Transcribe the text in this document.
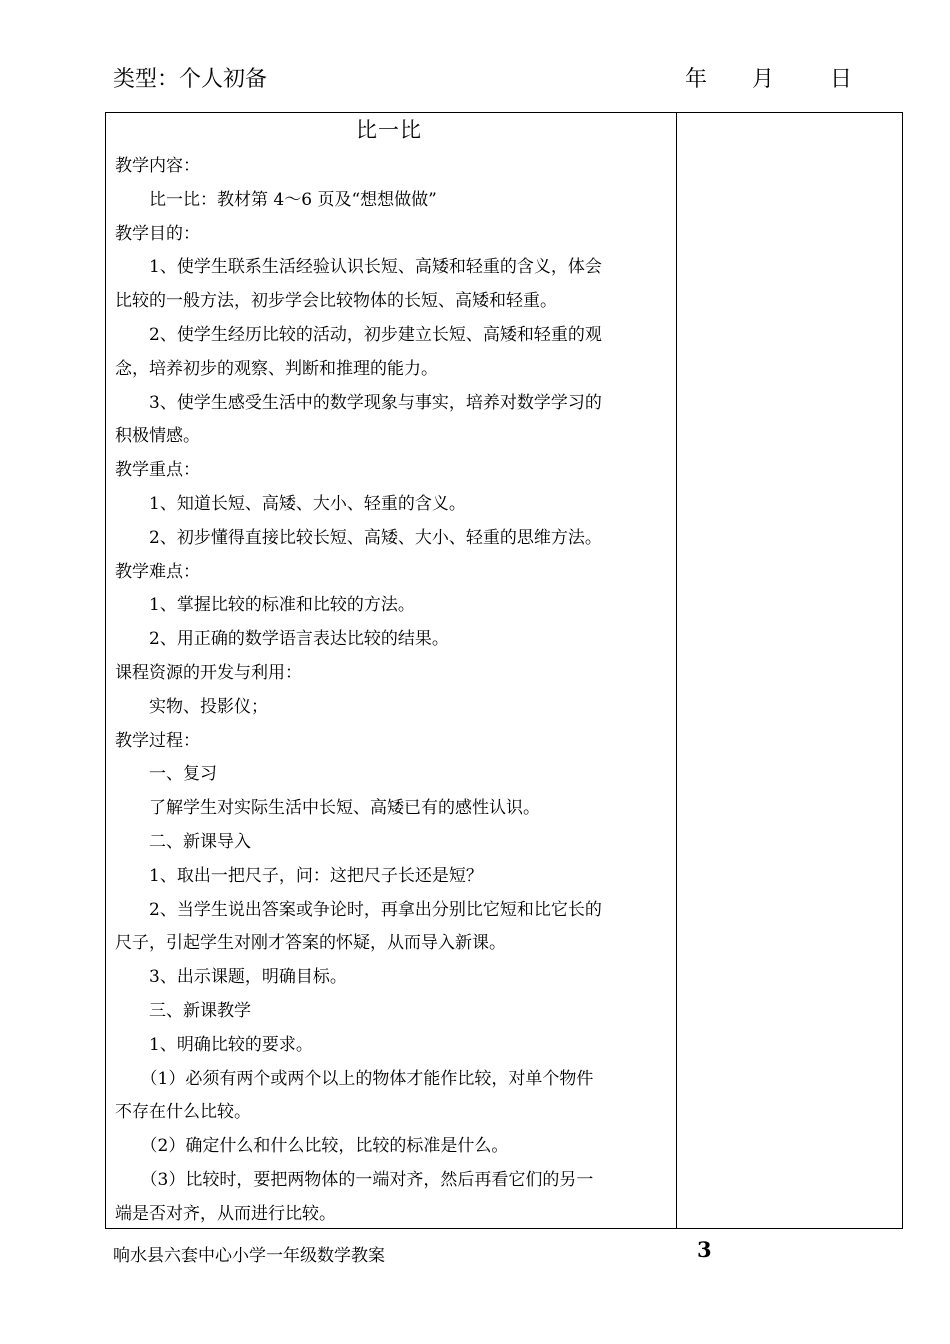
类型：个人初备	年 月	日
比一比
教学内容：
　　比一比：教材第 4～6 页及“想想做做”
教学目的：
　　1、使学生联系生活经验认识长短、高矮和轻重的含义，体会
比较的一般方法，初步学会比较物体的长短、高矮和轻重。
　　2、使学生经历比较的活动，初步建立长短、高矮和轻重的观
念，培养初步的观察、判断和推理的能力。
　　3、使学生感受生活中的数学现象与事实，培养对数学学习的
积极情感。
教学重点：
　　1、知道长短、高矮、大小、轻重的含义。
　　2、初步懂得直接比较长短、高矮、大小、轻重的思维方法。
教学难点：
　　1、掌握比较的标准和比较的方法。
　　2、用正确的数学语言表达比较的结果。
课程资源的开发与利用：
　　实物、投影仪；
教学过程：
　　一、复习
　　了解学生对实际生活中长短、高矮已有的感性认识。
　　二、新课导入
　　1、取出一把尺子，问：这把尺子长还是短？
　　2、当学生说出答案或争论时，再拿出分别比它短和比它长的
尺子，引起学生对刚才答案的怀疑，从而导入新课。
　　3、出示课题，明确目标。
　　三、新课教学
　　1、明确比较的要求。
　　（1）必须有两个或两个以上的物体才能作比较，对单个物件
不存在什么比较。
　　（2）确定什么和什么比较，比较的标准是什么。
　　（3）比较时，要把两物体的一端对齐，然后再看它们的另一
端是否对齐，从而进行比较。
响水县六套中心小学一年级数学教案	3
